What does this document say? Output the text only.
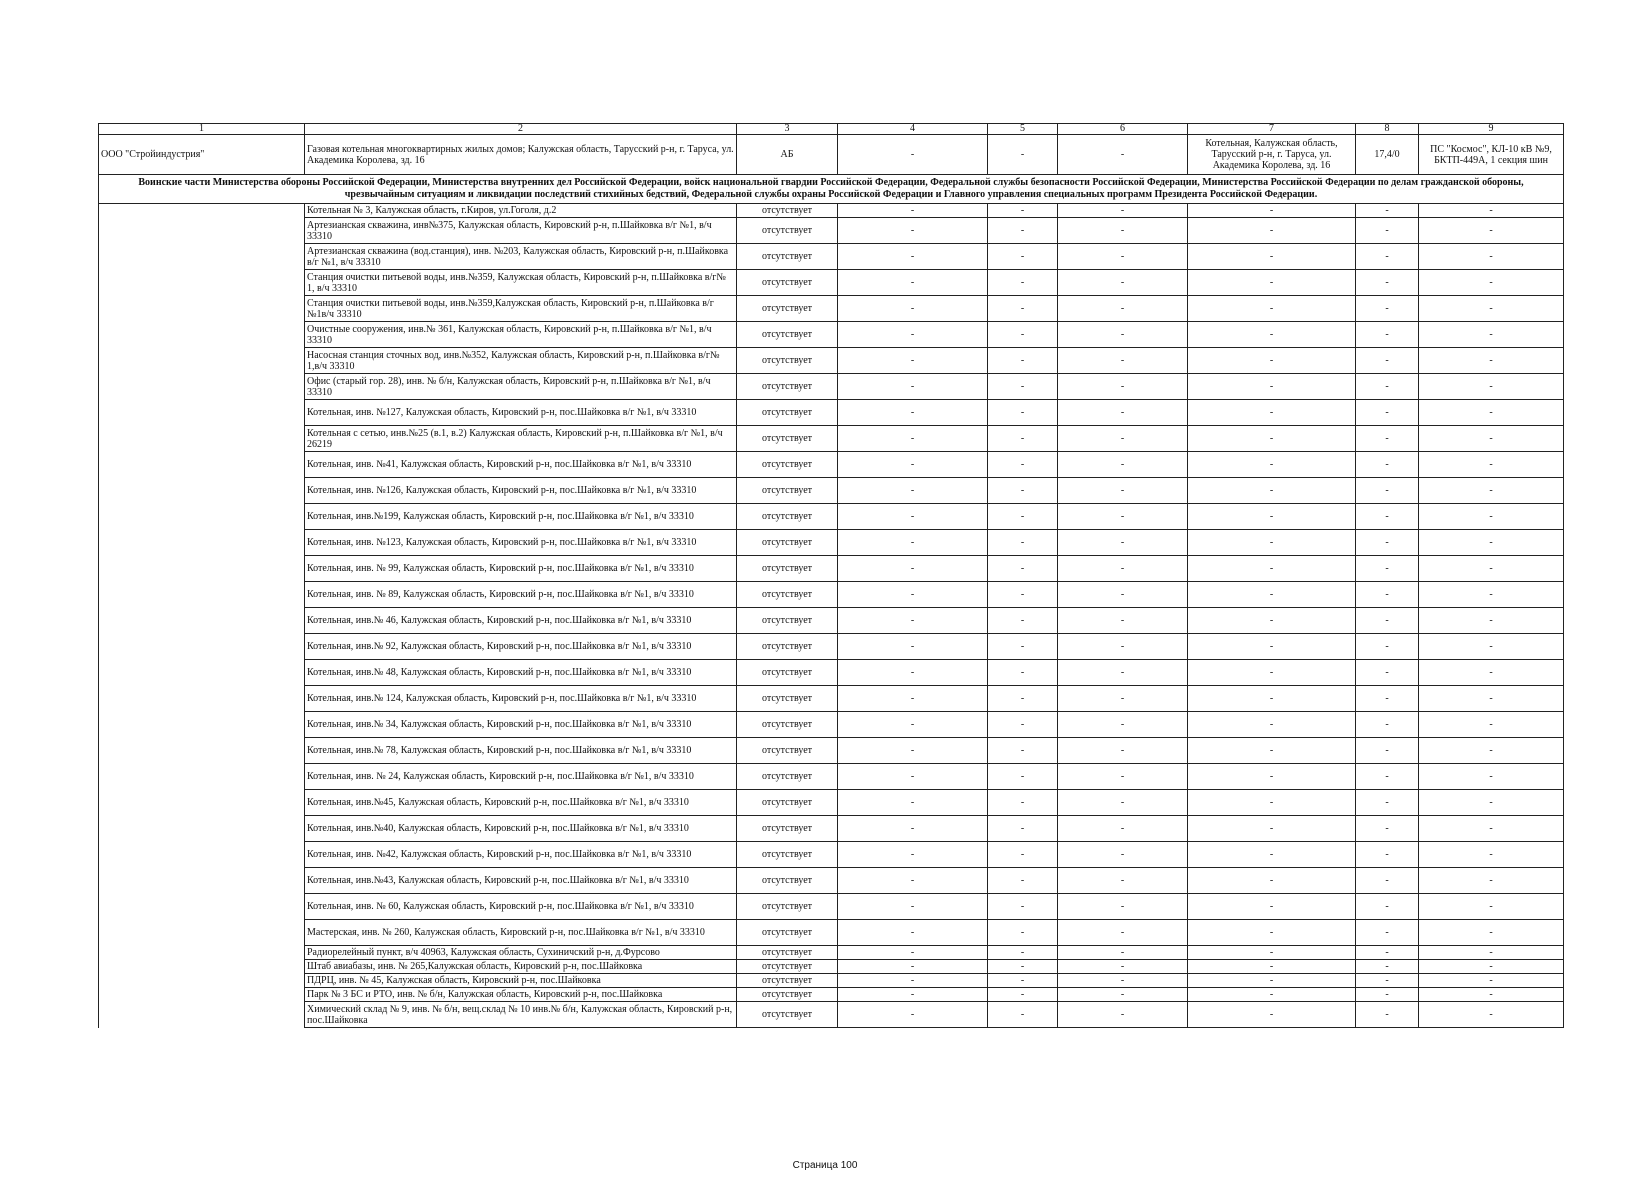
1	2	3	4	5	6	7	8	9
ООО "Стройиндустрия"	Газовая котельная многоквартирных жилых домов; Калужская область, Тарусский р-н, г. Таруса, ул. Академика Королева, зд. 16	АБ	-	-	-	Котельная, Калужская область, Тарусский р-н, г. Таруса, ул. Академика Королева, зд. 16	17,4/0	ПС "Космос", КЛ-10 кВ №9, БКТП-449А, 1 секция шин
Воинские части Министерства обороны Российской Федерации, Министерства внутренних дел Российской Федерации, войск национальной гвардии Российской Федерации, Федеральной службы безопасности Российской Федерации, Министерства Российской Федерации по делам гражданской обороны, чрезвычайным ситуациям и ликвидации последствий стихийных бедствий, Федеральной службы охраны Российской Федерации и Главного управления специальных программ Президента Российской Федерации.								
	Котельная № 3, Калужская область, г.Киров, ул.Гоголя, д.2	отсутствует	-	-	-	-	-	-
	Артезианская скважина, инв№375, Калужская область, Кировский р-н, п.Шайковка в/г №1, в/ч 33310	отсутствует	-	-	-	-	-	-
	Артезианская скважина (вод.станция), инв. №203, Калужская область, Кировский р-н, п.Шайковка в/г №1, в/ч 33310	отсутствует	-	-	-	-	-	-
	Станция очистки питьевой воды, инв.№359, Калужская область, Кировский р-н, п.Шайковка в/г№ 1, в/ч 33310	отсутствует	-	-	-	-	-	-
	Станция очистки питьевой воды, инв.№359,Калужская область, Кировский р-н, п.Шайковка в/г №1в/ч 33310	отсутствует	-	-	-	-	-	-
	Очистные сооружения, инв.№ 361, Калужская область, Кировский р-н, п.Шайковка в/г №1, в/ч 33310	отсутствует	-	-	-	-	-	-
	Насосная станция сточных вод, инв.№352, Калужская область, Кировский р-н, п.Шайковка в/г№ 1,в/ч 33310	отсутствует	-	-	-	-	-	-
	Офис (старый гор. 28), инв. № б/н, Калужская область, Кировский р-н, п.Шайковка в/г №1, в/ч 33310	отсутствует	-	-	-	-	-	-
	Котельная, инв. №127, Калужская область, Кировский р-н, пос.Шайковка в/г №1, в/ч 33310	отсутствует	-	-	-	-	-	-
	Котельная с сетью, инв.№25 (в.1, в.2) Калужская область, Кировский р-н, п.Шайковка в/г №1, в/ч 26219	отсутствует	-	-	-	-	-	-
	Котельная, инв. №41, Калужская область, Кировский р-н, пос.Шайковка в/г №1, в/ч 33310	отсутствует	-	-	-	-	-	-
	Котельная, инв. №126, Калужская область, Кировский р-н, пос.Шайковка в/г №1, в/ч 33310	отсутствует	-	-	-	-	-	-
	Котельная, инв.№199, Калужская область, Кировский р-н, пос.Шайковка в/г №1, в/ч 33310	отсутствует	-	-	-	-	-	-
	Котельная, инв. №123, Калужская область, Кировский р-н, пос.Шайковка в/г №1, в/ч 33310	отсутствует	-	-	-	-	-	-
	Котельная, инв. № 99, Калужская область, Кировский р-н, пос.Шайковка в/г №1, в/ч 33310	отсутствует	-	-	-	-	-	-
	Котельная, инв. № 89, Калужская область, Кировский р-н, пос.Шайковка в/г №1, в/ч 33310	отсутствует	-	-	-	-	-	-
	Котельная, инв.№ 46, Калужская область, Кировский р-н, пос.Шайковка в/г №1, в/ч 33310	отсутствует	-	-	-	-	-	-
	Котельная, инв.№ 92, Калужская область, Кировский р-н, пос.Шайковка в/г №1, в/ч 33310	отсутствует	-	-	-	-	-	-
	Котельная, инв.№ 48, Калужская область, Кировский р-н, пос.Шайковка в/г №1, в/ч 33310	отсутствует	-	-	-	-	-	-
	Котельная, инв.№ 124, Калужская область, Кировский р-н, пос.Шайковка в/г №1, в/ч 33310	отсутствует	-	-	-	-	-	-
	Котельная, инв.№ 34, Калужская область, Кировский р-н, пос.Шайковка в/г №1, в/ч 33310	отсутствует	-	-	-	-	-	-
	Котельная, инв.№ 78, Калужская область, Кировский р-н, пос.Шайковка в/г №1, в/ч 33310	отсутствует	-	-	-	-	-	-
	Котельная, инв. № 24, Калужская область, Кировский р-н, пос.Шайковка в/г №1, в/ч 33310	отсутствует	-	-	-	-	-	-
	Котельная, инв.№45, Калужская область, Кировский р-н, пос.Шайковка в/г №1, в/ч 33310	отсутствует	-	-	-	-	-	-
	Котельная, инв.№40, Калужская область, Кировский р-н, пос.Шайковка в/г №1, в/ч 33310	отсутствует	-	-	-	-	-	-
	Котельная, инв. №42, Калужская область, Кировский р-н, пос.Шайковка в/г №1, в/ч 33310	отсутствует	-	-	-	-	-	-
	Котельная, инв.№43, Калужская область, Кировский р-н, пос.Шайковка в/г №1, в/ч 33310	отсутствует	-	-	-	-	-	-
	Котельная, инв. № 60, Калужская область, Кировский р-н, пос.Шайковка в/г №1, в/ч 33310	отсутствует	-	-	-	-	-	-
	Мастерская, инв. № 260, Калужская область, Кировский р-н, пос.Шайковка в/г №1, в/ч 33310	отсутствует	-	-	-	-	-	-
	Радиорелейный пункт, в/ч 40963, Калужская область, Сухиничский р-н, д.Фурсово	отсутствует	-	-	-	-	-	-
	Штаб авиабазы, инв. № 265,Калужская область, Кировский р-н, пос.Шайковка	отсутствует	-	-	-	-	-	-
	ПДРЦ, инв. № 45, Калужская область, Кировский р-н, пос.Шайковка	отсутствует	-	-	-	-	-	-
	Парк № 3 БС и РТО, инв. № б/н, Калужская область, Кировский р-н, пос.Шайковка	отсутствует	-	-	-	-	-	-
	Химический склад № 9, инв. № б/н, вещ.склад № 10 инв.№ б/н, Калужская область, Кировский р-н, пос.Шайковка	отсутствует	-	-	-	-	-	-
Страница 100
